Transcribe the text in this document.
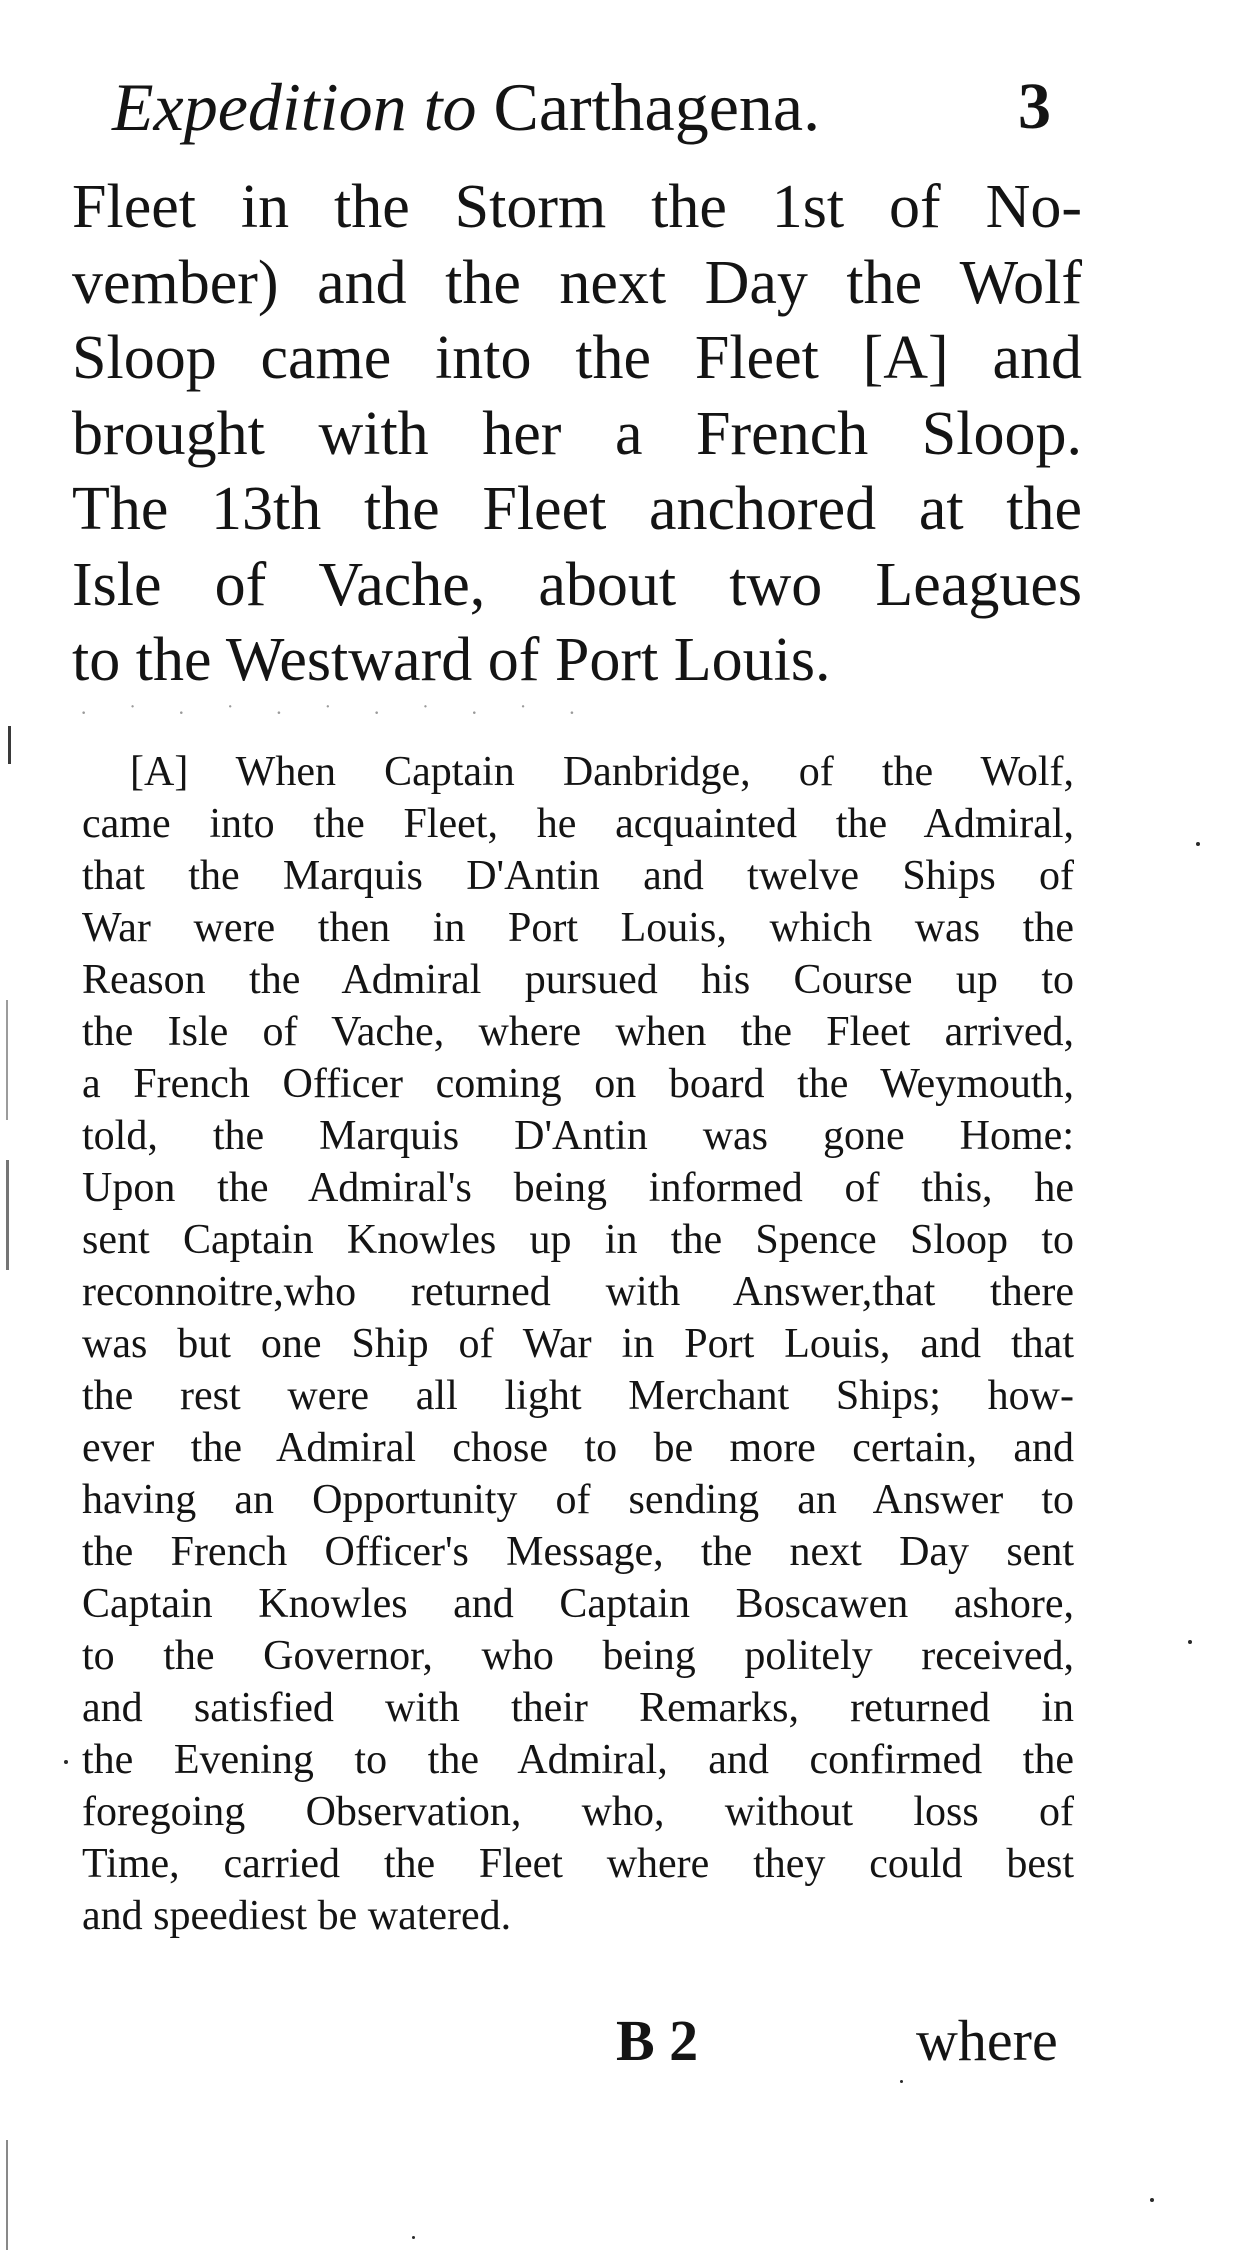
Expedition to Carthagena.	3
Fleet in the Storm the 1st of No-
vember) and the next Day the Wolf
Sloop came into the Fleet [A] and
brought with her a French Sloop.
The 13th the Fleet anchored at the
Isle of Vache, about two Leagues
to the Westward of Port Louis.
· ˙ · ˙ · ˙ · ˙ · ˙ ·
[A] When Captain Danbridge, of the Wolf,
came into the Fleet, he acquainted the Admiral,
that the Marquis D'Antin and twelve Ships of
War were then in Port Louis, which was the
Reason the Admiral pursued his Course up to
the Isle of Vache, where when the Fleet arrived,
a French Officer coming on board the Weymouth,
told, the Marquis D'Antin was gone Home:
Upon the Admiral's being informed of this, he
sent Captain Knowles up in the Spence Sloop to
reconnoitre,who returned with Answer,that there
was but one Ship of War in Port Louis, and that
the rest were all light Merchant Ships; how-
ever the Admiral chose to be more certain, and
having an Opportunity of sending an Answer to
the French Officer's Message, the next Day sent
Captain Knowles and Captain Boscawen ashore,
to the Governor, who being politely received,
and satisfied with their Remarks, returned in
the Evening to the Admiral, and confirmed the
foregoing Observation, who, without loss of
Time, carried the Fleet where they could best
and speediest be watered.
B 2	where
